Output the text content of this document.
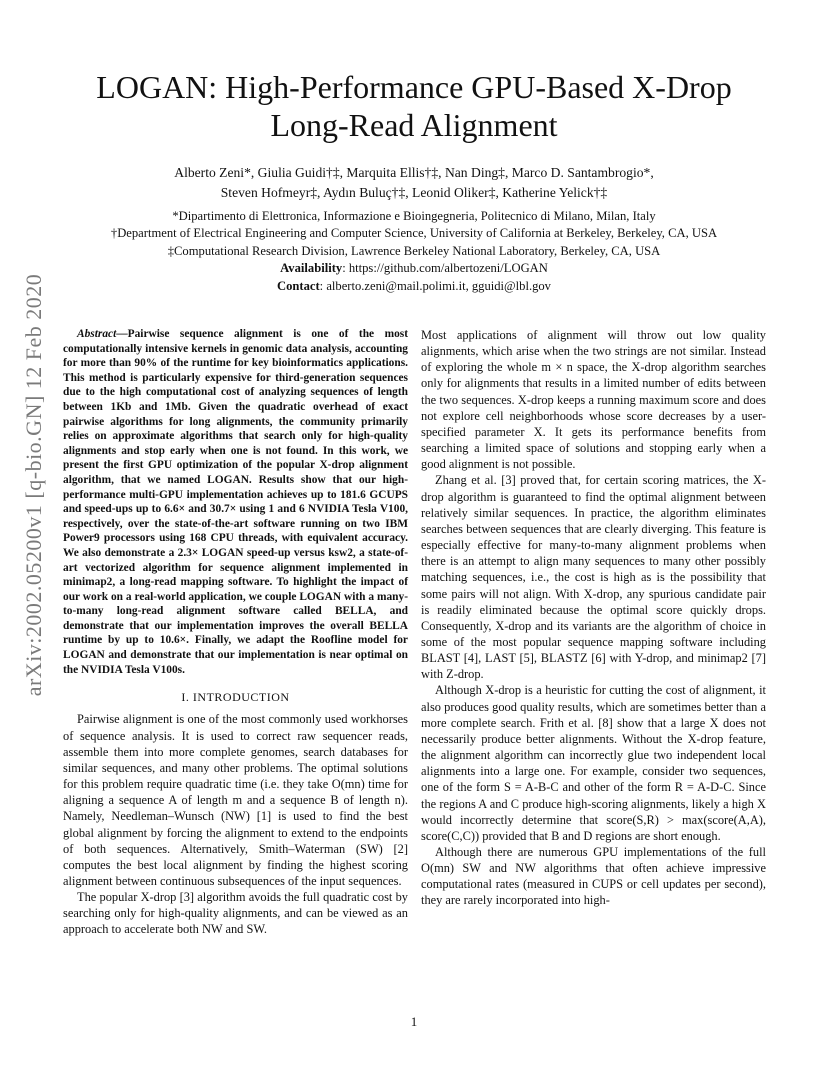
arXiv:2002.05200v1 [q-bio.GN] 12 Feb 2020
LOGAN: High-Performance GPU-Based X-Drop
Long-Read Alignment
Alberto Zeni*, Giulia Guidi†‡, Marquita Ellis†‡, Nan Ding‡, Marco D. Santambrogio*,
Steven Hofmeyr‡, Aydın Buluç†‡, Leonid Oliker‡, Katherine Yelick†‡
*Dipartimento di Elettronica, Informazione e Bioingegneria, Politecnico di Milano, Milan, Italy
†Department of Electrical Engineering and Computer Science, University of California at Berkeley, Berkeley, CA, USA
‡Computational Research Division, Lawrence Berkeley National Laboratory, Berkeley, CA, USA
Availability: https://github.com/albertozeni/LOGAN
Contact: alberto.zeni@mail.polimi.it, gguidi@lbl.gov

Abstract—Pairwise sequence alignment is one of the most computationally intensive kernels in genomic data analysis, accounting for more than 90% of the runtime for key bioinformatics applications. This method is particularly expensive for third-generation sequences due to the high computational cost of analyzing sequences of length between 1Kb and 1Mb. Given the quadratic overhead of exact pairwise algorithms for long alignments, the community primarily relies on approximate algorithms that search only for high-quality alignments and stop early when one is not found. In this work, we present the first GPU optimization of the popular X-drop alignment algorithm, that we named LOGAN. Results show that our high-performance multi-GPU implementation achieves up to 181.6 GCUPS and speed-ups up to 6.6× and 30.7× using 1 and 6 NVIDIA Tesla V100, respectively, over the state-of-the-art software running on two IBM Power9 processors using 168 CPU threads, with equivalent accuracy. We also demonstrate a 2.3× LOGAN speed-up versus ksw2, a state-of-art vectorized algorithm for sequence alignment implemented in minimap2, a long-read mapping software. To highlight the impact of our work on a real-world application, we couple LOGAN with a many-to-many long-read alignment software called BELLA, and demonstrate that our implementation improves the overall BELLA runtime by up to 10.6×. Finally, we adapt the Roofline model for LOGAN and demonstrate that our implementation is near optimal on the NVIDIA Tesla V100s.

I. INTRODUCTION

Pairwise alignment is one of the most commonly used workhorses of sequence analysis. It is used to correct raw sequencer reads, assemble them into more complete genomes, search databases for similar sequences, and many other problems. The optimal solutions for this problem require quadratic time (i.e. they take O(mn) time for aligning a sequence A of length m and a sequence B of length n). Namely, Needleman–Wunsch (NW) [1] is used to find the best global alignment by forcing the alignment to extend to the endpoints of both sequences. Alternatively, Smith–Waterman (SW) [2] computes the best local alignment by finding the highest scoring alignment between continuous subsequences of the input sequences.

The popular X-drop [3] algorithm avoids the full quadratic cost by searching only for high-quality alignments, and can be viewed as an approach to accelerate both NW and SW.

Most applications of alignment will throw out low quality alignments, which arise when the two strings are not similar. Instead of exploring the whole m × n space, the X-drop algorithm searches only for alignments that results in a limited number of edits between the two sequences. X-drop keeps a running maximum score and does not explore cell neighborhoods whose score decreases by a user-specified parameter X. It gets its performance benefits from searching a limited space of solutions and stopping early when a good alignment is not possible.

Zhang et al. [3] proved that, for certain scoring matrices, the X-drop algorithm is guaranteed to find the optimal alignment between relatively similar sequences. In practice, the algorithm eliminates searches between sequences that are clearly diverging. This feature is especially effective for many-to-many alignment problems when there is an attempt to align many sequences to many other possibly matching sequences, i.e., the cost is high as is the possibility that some pairs will not align. With X-drop, any spurious candidate pair is readily eliminated because the optimal score quickly drops. Consequently, X-drop and its variants are the algorithm of choice in some of the most popular sequence mapping software including BLAST [4], LAST [5], BLASTZ [6] with Y-drop, and minimap2 [7] with Z-drop.

Although X-drop is a heuristic for cutting the cost of alignment, it also produces good quality results, which are sometimes better than a more complete search. Frith et al. [8] show that a large X does not necessarily produce better alignments. Without the X-drop feature, the alignment algorithm can incorrectly glue two independent local alignments into a large one. For example, consider two sequences, one of the form S = A-B-C and other of the form R = A-D-C. Since the regions A and C produce high-scoring alignments, likely a high X would incorrectly determine that score(S,R) > max(score(A,A), score(C,C)) provided that B and D regions are short enough.

Although there are numerous GPU implementations of the full O(mn) SW and NW algorithms that often achieve impressive computational rates (measured in CUPS or cell updates per second), they are rarely incorporated into high-

1
